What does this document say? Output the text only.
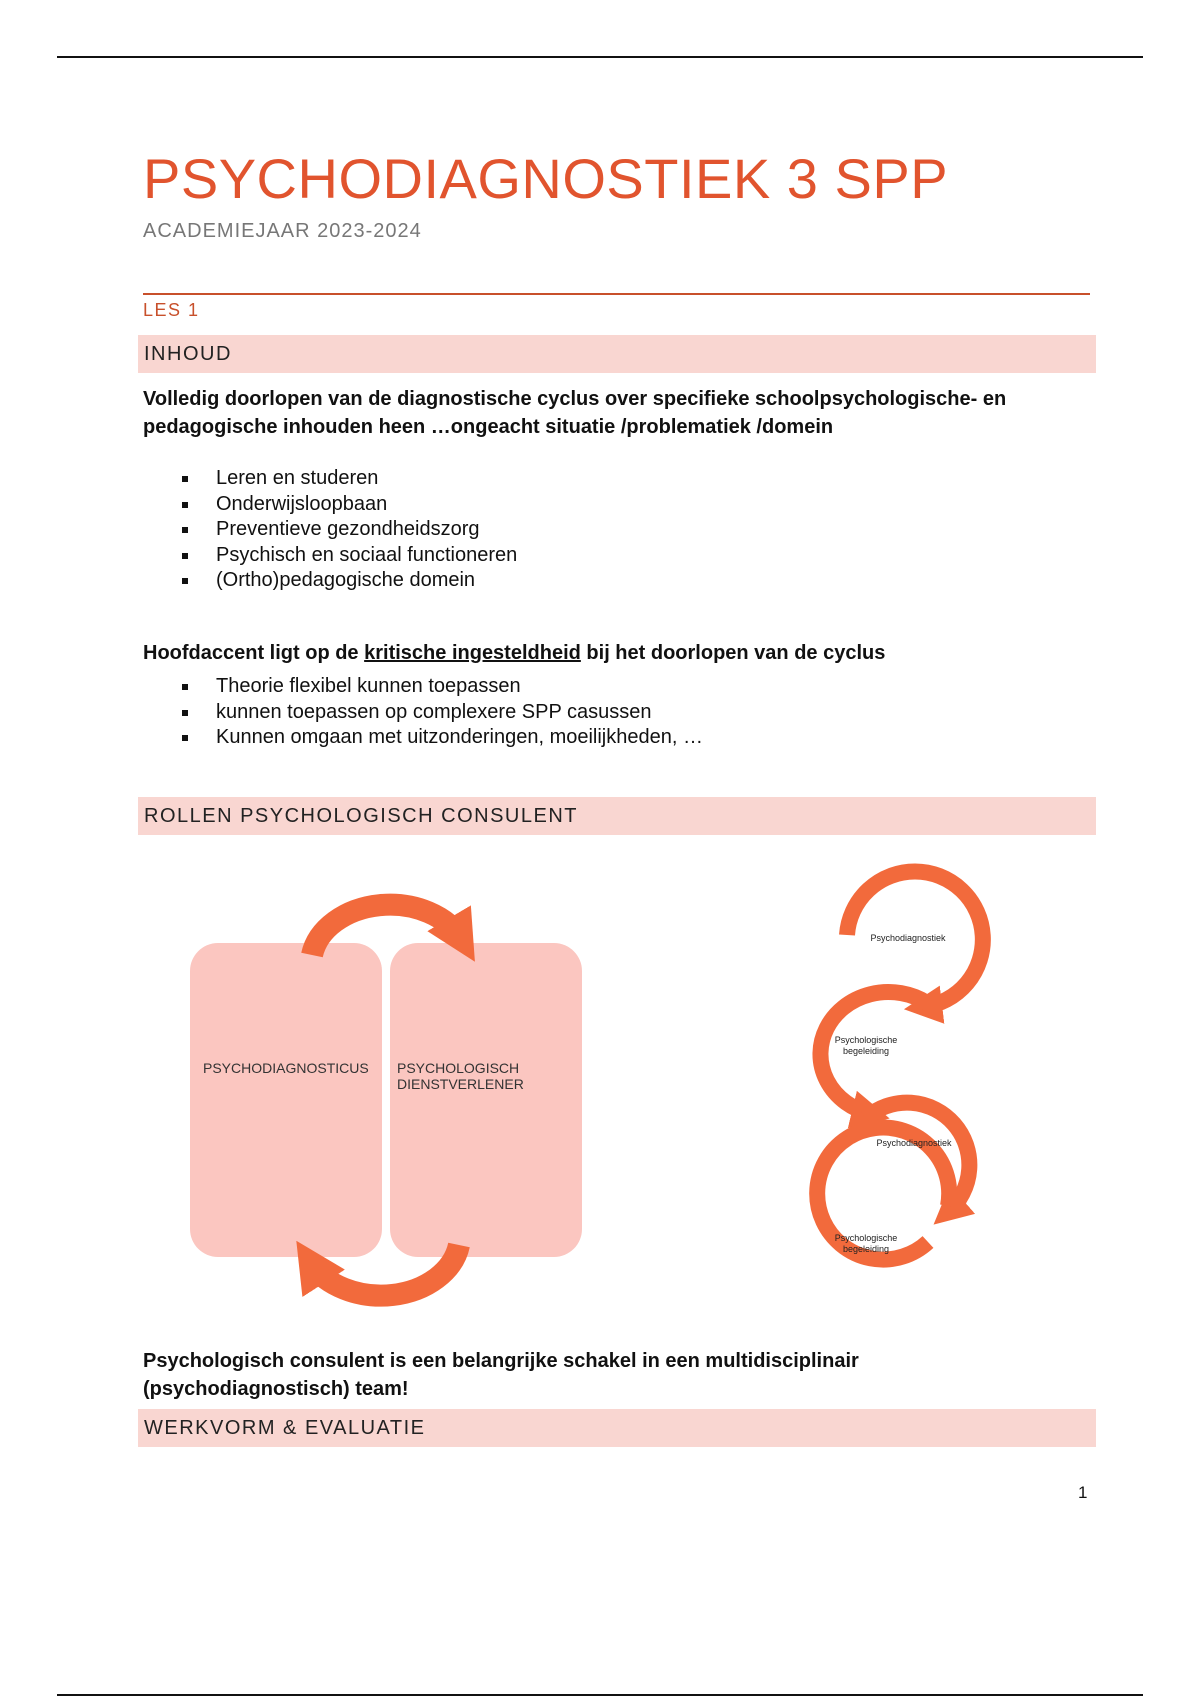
PSYCHODIAGNOSTIEK 3 SPP
ACADEMIEJAAR 2023-2024
LES 1
INHOUD

Volledig doorlopen van de diagnostische cyclus over specifieke schoolpsychologische- en pedagogische inhouden heen …ongeacht situatie /problematiek /domein

Leren en studeren
Onderwijsloopbaan
Preventieve gezondheidszorg
Psychisch en sociaal functioneren
(Ortho)pedagogische domein

Hoofdaccent ligt op de kritische ingesteldheid bij het doorlopen van de cyclus

Theorie flexibel kunnen toepassen
kunnen toepassen op complexere SPP casussen
Kunnen omgaan met uitzonderingen, moeilijkheden, …
ROLLEN PSYCHOLOGISCH CONSULENT
PSYCHODIAGNOSTICUS PSYCHOLOGISCH
DIENSTVERLENER
Psychodiagnostiek
Psychologische
begeleiding
Psychodiagnostiek
Psychologische
begeleiding

Psychologisch consulent is een belangrijke schakel in een multidisciplinair (psychodiagnostisch) team!

WERKVORM & EVALUATIE
1
